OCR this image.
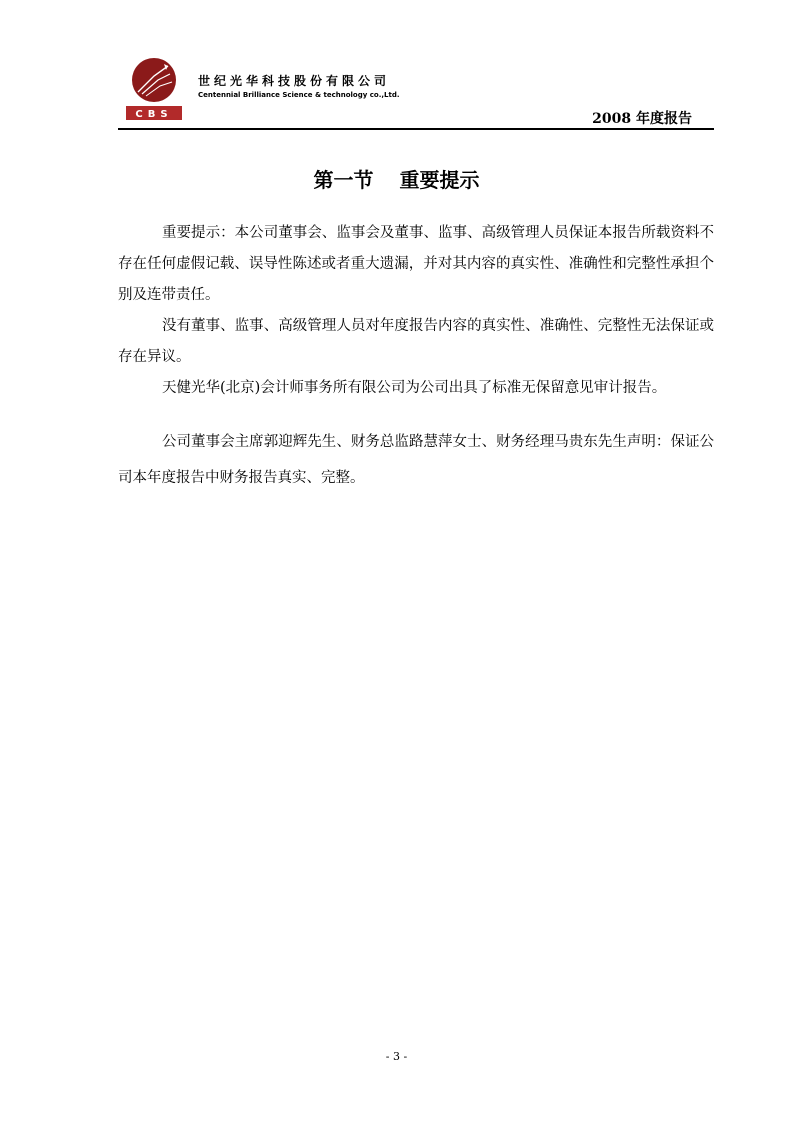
CBS
世纪光华科技股份有限公司
Centennial Brilliance Science & technology co.,Ltd.
2008 年度报告
第一节 重要提示

重要提示：本公司董事会、监事会及董事、监事、高级管理人员保证本报告所载资料不存在任何虚假记载、误导性陈述或者重大遗漏，并对其内容的真实性、准确性和完整性承担个别及连带责任。

没有董事、监事、高级管理人员对年度报告内容的真实性、准确性、完整性无法保证或存在异议。

天健光华(北京)会计师事务所有限公司为公司出具了标准无保留意见审计报告。

公司董事会主席郭迎辉先生、财务总监路慧萍女士、财务经理马贵东先生声明：保证公司本年度报告中财务报告真实、完整。

- 3 -
